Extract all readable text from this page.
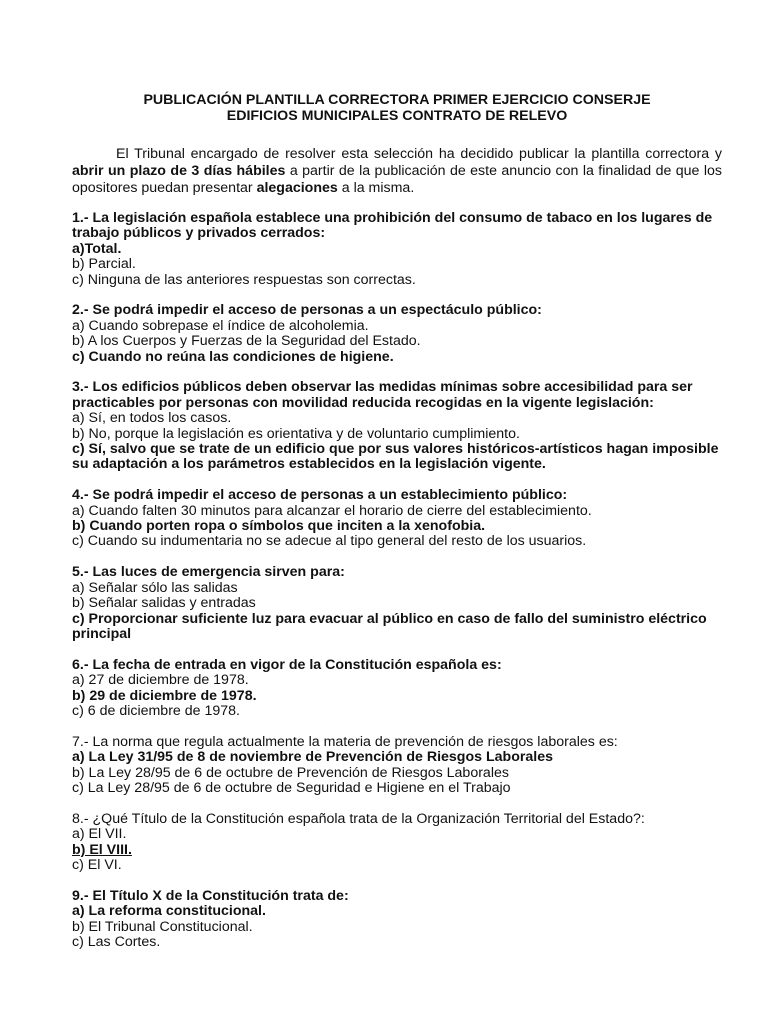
PUBLICACIÓN PLANTILLA CORRECTORA PRIMER EJERCICIO CONSERJE
EDIFICIOS MUNICIPALES CONTRATO DE RELEVO

El Tribunal encargado de resolver esta selección ha decidido publicar la plantilla correctora y abrir un plazo de 3 días hábiles a partir de la publicación de este anuncio con la finalidad de que los opositores puedan presentar alegaciones a la misma.

1.- La legislación española establece una prohibición del consumo de tabaco en los lugares de trabajo públicos y privados cerrados:
a)Total.
b) Parcial.
c) Ninguna de las anteriores respuestas son correctas.
2.- Se podrá impedir el acceso de personas a un espectáculo público:
a) Cuando sobrepase el índice de alcoholemia.
b) A los Cuerpos y Fuerzas de la Seguridad del Estado.
c) Cuando no reúna las condiciones de higiene.
3.- Los edificios públicos deben observar las medidas mínimas sobre accesibilidad para ser practicables por personas con movilidad reducida recogidas en la vigente legislación:
a) Sí, en todos los casos.
b) No, porque la legislación es orientativa y de voluntario cumplimiento.
c) Sí, salvo que se trate de un edificio que por sus valores históricos-artísticos hagan imposible su adaptación a los parámetros establecidos en la legislación vigente.
4.- Se podrá impedir el acceso de personas a un establecimiento público:
a) Cuando falten 30 minutos para alcanzar el horario de cierre del establecimiento.
b) Cuando porten ropa o símbolos que inciten a la xenofobia.
c) Cuando su indumentaria no se adecue al tipo general del resto de los usuarios.
5.- Las luces de emergencia sirven para:
a) Señalar sólo las salidas
b) Señalar salidas y entradas
c) Proporcionar suficiente luz para evacuar al público en caso de fallo del suministro eléctrico principal
6.- La fecha de entrada en vigor de la Constitución española es:
a) 27 de diciembre de 1978.
b) 29 de diciembre de 1978.
c) 6 de diciembre de 1978.
7.- La norma que regula actualmente la materia de prevención de riesgos laborales es:
a) La Ley 31/95 de 8 de noviembre de Prevención de Riesgos Laborales
b) La Ley 28/95 de 6 de octubre de Prevención de Riesgos Laborales
c) La Ley 28/95 de 6 de octubre de Seguridad e Higiene en el Trabajo
8.- ¿Qué Título de la Constitución española trata de la Organización Territorial del Estado?:
a) El VII.
b) El VIII.
c) El VI.
9.- El Título X de la Constitución trata de:
a) La reforma constitucional.
b) El Tribunal Constitucional.
c) Las Cortes.
